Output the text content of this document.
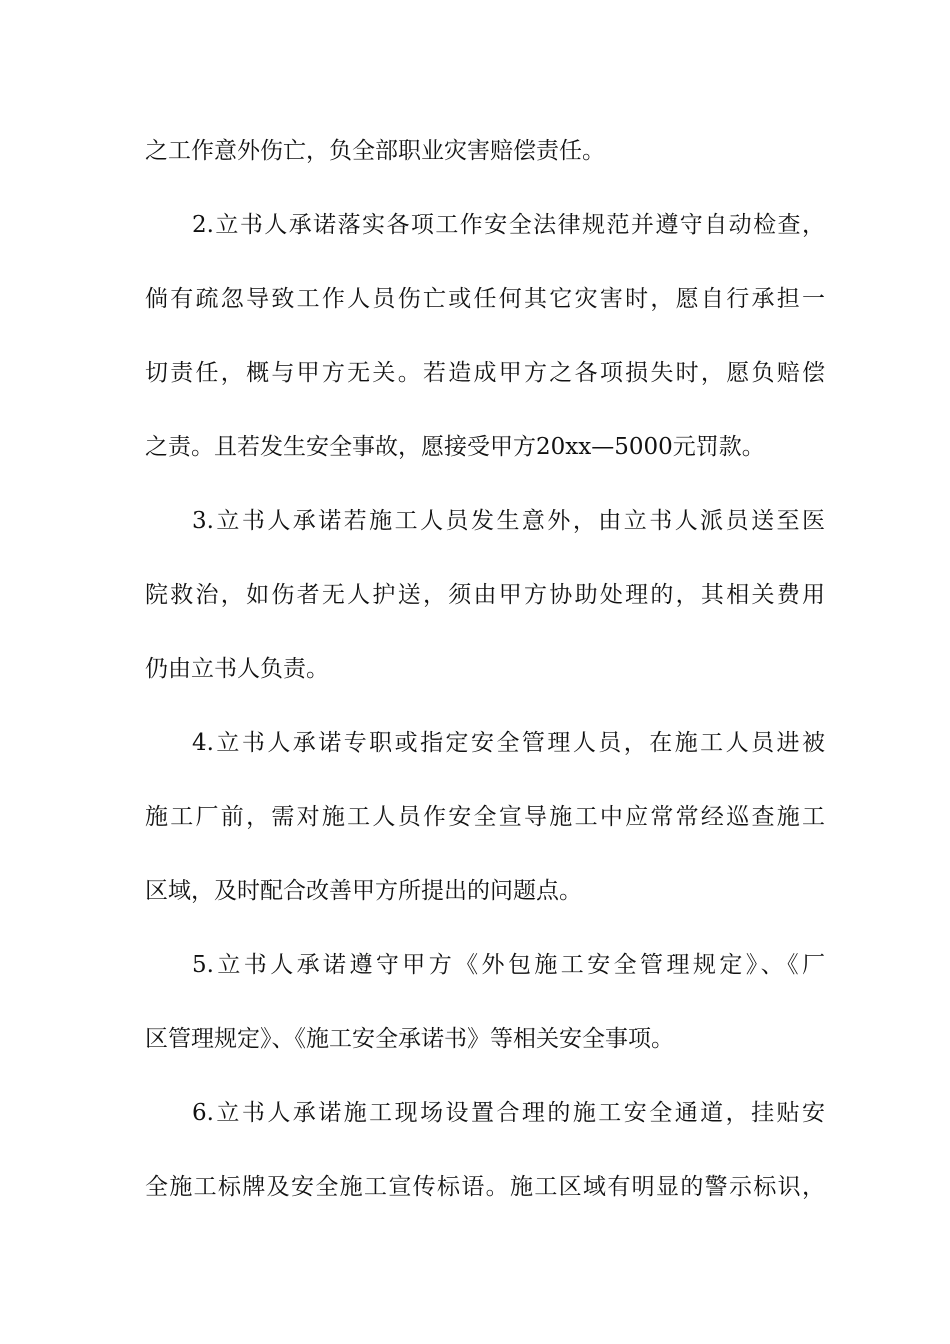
之工作意外伤亡，负全部职业灾害赔偿责任。
2.立书人承诺落实各项工作安全法律规范并遵守自动检查，
倘有疏忽导致工作人员伤亡或任何其它灾害时，愿自行承担一
切责任，概与甲方无关。若造成甲方之各项损失时，愿负赔偿
之责。且若发生安全事故，愿接受甲方20xx—5000元罚款。
3.立书人承诺若施工人员发生意外，由立书人派员送至医
院救治，如伤者无人护送，须由甲方协助处理的，其相关费用
仍由立书人负责。
4.立书人承诺专职或指定安全管理人员，在施工人员进被
施工厂前，需对施工人员作安全宣导施工中应常常经巡查施工
区域，及时配合改善甲方所提出的问题点。
5.立书人承诺遵守甲方《外包施工安全管理规定》、《厂
区管理规定》、《施工安全承诺书》等相关安全事项。
6.立书人承诺施工现场设置合理的施工安全通道，挂贴安
全施工标牌及安全施工宣传标语。施工区域有明显的警示标识，
